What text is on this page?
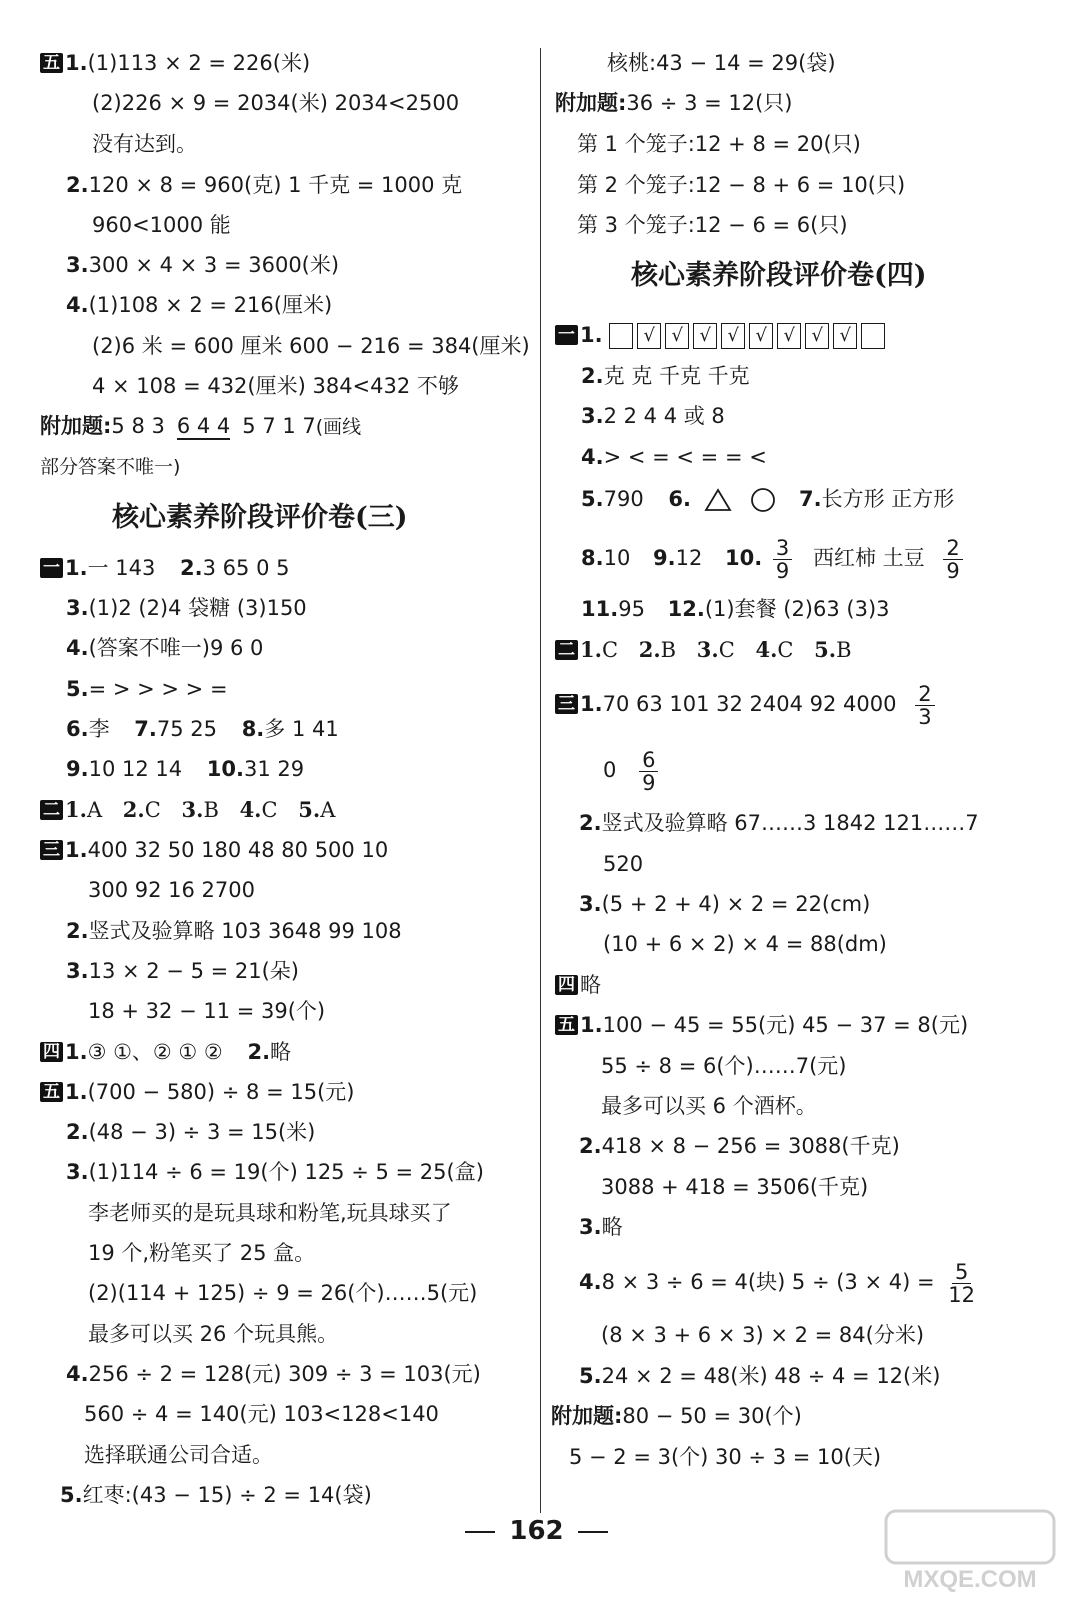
五 1.(1)113 × 2 = 226(米)
(2)226 × 9 = 2034(米) 2034<2500
没有达到。
2.120 × 8 = 960(克) 1 千克 = 1000 克
960<1000 能
3.300 × 4 × 3 = 3600(米)
4.(1)108 × 2 = 216(厘米)
(2)6 米 = 600 厘米 600 − 216 = 384(厘米)
4 × 108 = 432(厘米) 384<432 不够
附加题:5 8 3 6 4 4 5 7 1 7(画线
部分答案不唯一)
核心素养阶段评价卷(三)
一 1.一 143 2.3 65 0 5
3.(1)2 (2)4 袋糖 (3)150
4.(答案不唯一)9 6 0
5.= > > > > =
6.李 7.75 25 8.多 1 41
9.10 12 14 10.31 29
二 1.A 2.C 3.B 4.C 5.A
三 1.400 32 50 180 48 80 500 10
300 92 16 2700
2.竖式及验算略 103 3648 99 108
3.13 × 2 − 5 = 21(朵)
18 + 32 − 11 = 39(个)
四 1.③ ①、② ① ② 2.略
五 1.(700 − 580) ÷ 8 = 15(元)
2.(48 − 3) ÷ 3 = 15(米)
3.(1)114 ÷ 6 = 19(个) 125 ÷ 5 = 25(盒)
李老师买的是玩具球和粉笔,玩具球买了
19 个,粉笔买了 25 盒。
(2)(114 + 125) ÷ 9 = 26(个)……5(元)
最多可以买 26 个玩具熊。
4.256 ÷ 2 = 128(元) 309 ÷ 3 = 103(元)
560 ÷ 4 = 140(元) 103<128<140
选择联通公司合适。
5.红枣:(43 − 15) ÷ 2 = 14(袋)
核桃:43 − 14 = 29(袋)
附加题:36 ÷ 3 = 12(只)
第 1 个笼子:12 + 8 = 20(只)
第 2 个笼子:12 − 8 + 6 = 10(只)
第 3 个笼子:12 − 6 = 6(只)
核心素养阶段评价卷(四)
一 1.	√ √ √ √ √ √ √ √
2.克 克 千克 千克
3.2 2 4 4 或 8
4.> < = < = = <
5.790 6.	7.长方形 正方形
8.10 9.12 10. $\frac{3}{9}$ 西红柿 土豆 $\frac{2}{9}$
11.95 12.(1)套餐 (2)63 (3)3
二 1.C 2.B 3.C 4.C 5.B
三 1.70 63 101 32 2404 92 $4000 \frac{2}{3}$
$0 \frac{6}{9}$
2.竖式及验算略 67……3 1842 121……7
520
3.(5 + 2 + 4) × 2 = 22(cm)
(10 + 6 × 2) × 4 = 88(dm)
四 略
五 1.100 − 45 = 55(元) 45 − 37 = 8(元)
55 ÷ 8 = 6(个)……7(元)
最多可以买 6 个酒杯。
2.418 × 8 − 256 = 3088(千克)
3088 + 418 = 3506(千克)
3.略
4.8 × 3 ÷ 6 = 4(块) $5 \div (3 \times 4) = \frac{5}{12}$
(8 × 3 + 6 × 3) × 2 = 84(分米)
5.24 × 2 = 48(米) 48 ÷ 4 = 12(米)
附加题:80 − 50 = 30(个)
5 − 2 = 3(个) 30 ÷ 3 = 10(天)
162
MXQE.COM
